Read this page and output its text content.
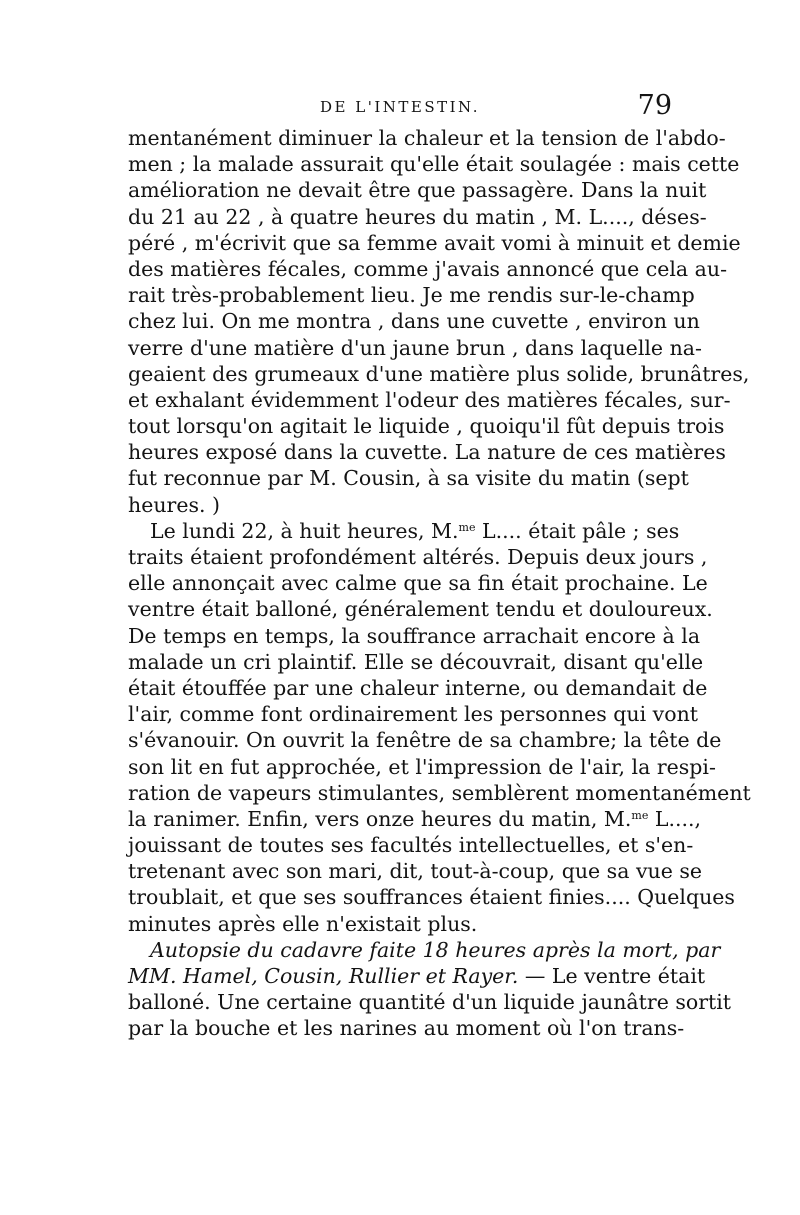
DE L'INTESTIN.	79
mentanément diminuer la chaleur et la tension de l'abdo-
men ; la malade assurait qu'elle était soulagée : mais cette
amélioration ne devait être que passagère. Dans la nuit
du 21 au 22 , à quatre heures du matin , M. L...., déses-
péré , m'écrivit que sa femme avait vomi à minuit et demie
des matières fécales, comme j'avais annoncé que cela au-
rait très-probablement lieu. Je me rendis sur-le-champ
chez lui. On me montra , dans une cuvette , environ un
verre d'une matière d'un jaune brun , dans laquelle na-
geaient des grumeaux d'une matière plus solide, brunâtres,
et exhalant évidemment l'odeur des matières fécales, sur-
tout lorsqu'on agitait le liquide , quoiqu'il fût depuis trois
heures exposé dans la cuvette. La nature de ces matières
fut reconnue par M. Cousin, à sa visite du matin (sept
heures. )
Le lundi 22, à huit heures, M.$^{me}$ L.... était pâle ; ses
traits étaient profondément altérés. Depuis deux jours ,
elle annonçait avec calme que sa fin était prochaine. Le
ventre était balloné, généralement tendu et douloureux.
De temps en temps, la souffrance arrachait encore à la
malade un cri plaintif. Elle se découvrait, disant qu'elle
était étouffée par une chaleur interne, ou demandait de
l'air, comme font ordinairement les personnes qui vont
s'évanouir. On ouvrit la fenêtre de sa chambre; la tête de
son lit en fut approchée, et l'impression de l'air, la respi-
ration de vapeurs stimulantes, semblèrent momentanément
la ranimer. Enfin, vers onze heures du matin, M.$^{me}$ L....,
jouissant de toutes ses facultés intellectuelles, et s'en-
tretenant avec son mari, dit, tout-à-coup, que sa vue se
troublait, et que ses souffrances étaient finies.... Quelques
minutes après elle n'existait plus.
Autopsie du cadavre faite 18 heures après la mort, par
MM. Hamel, Cousin, Rullier et Rayer. — Le ventre était
balloné. Une certaine quantité d'un liquide jaunâtre sortit
par la bouche et les narines au moment où l'on trans-
